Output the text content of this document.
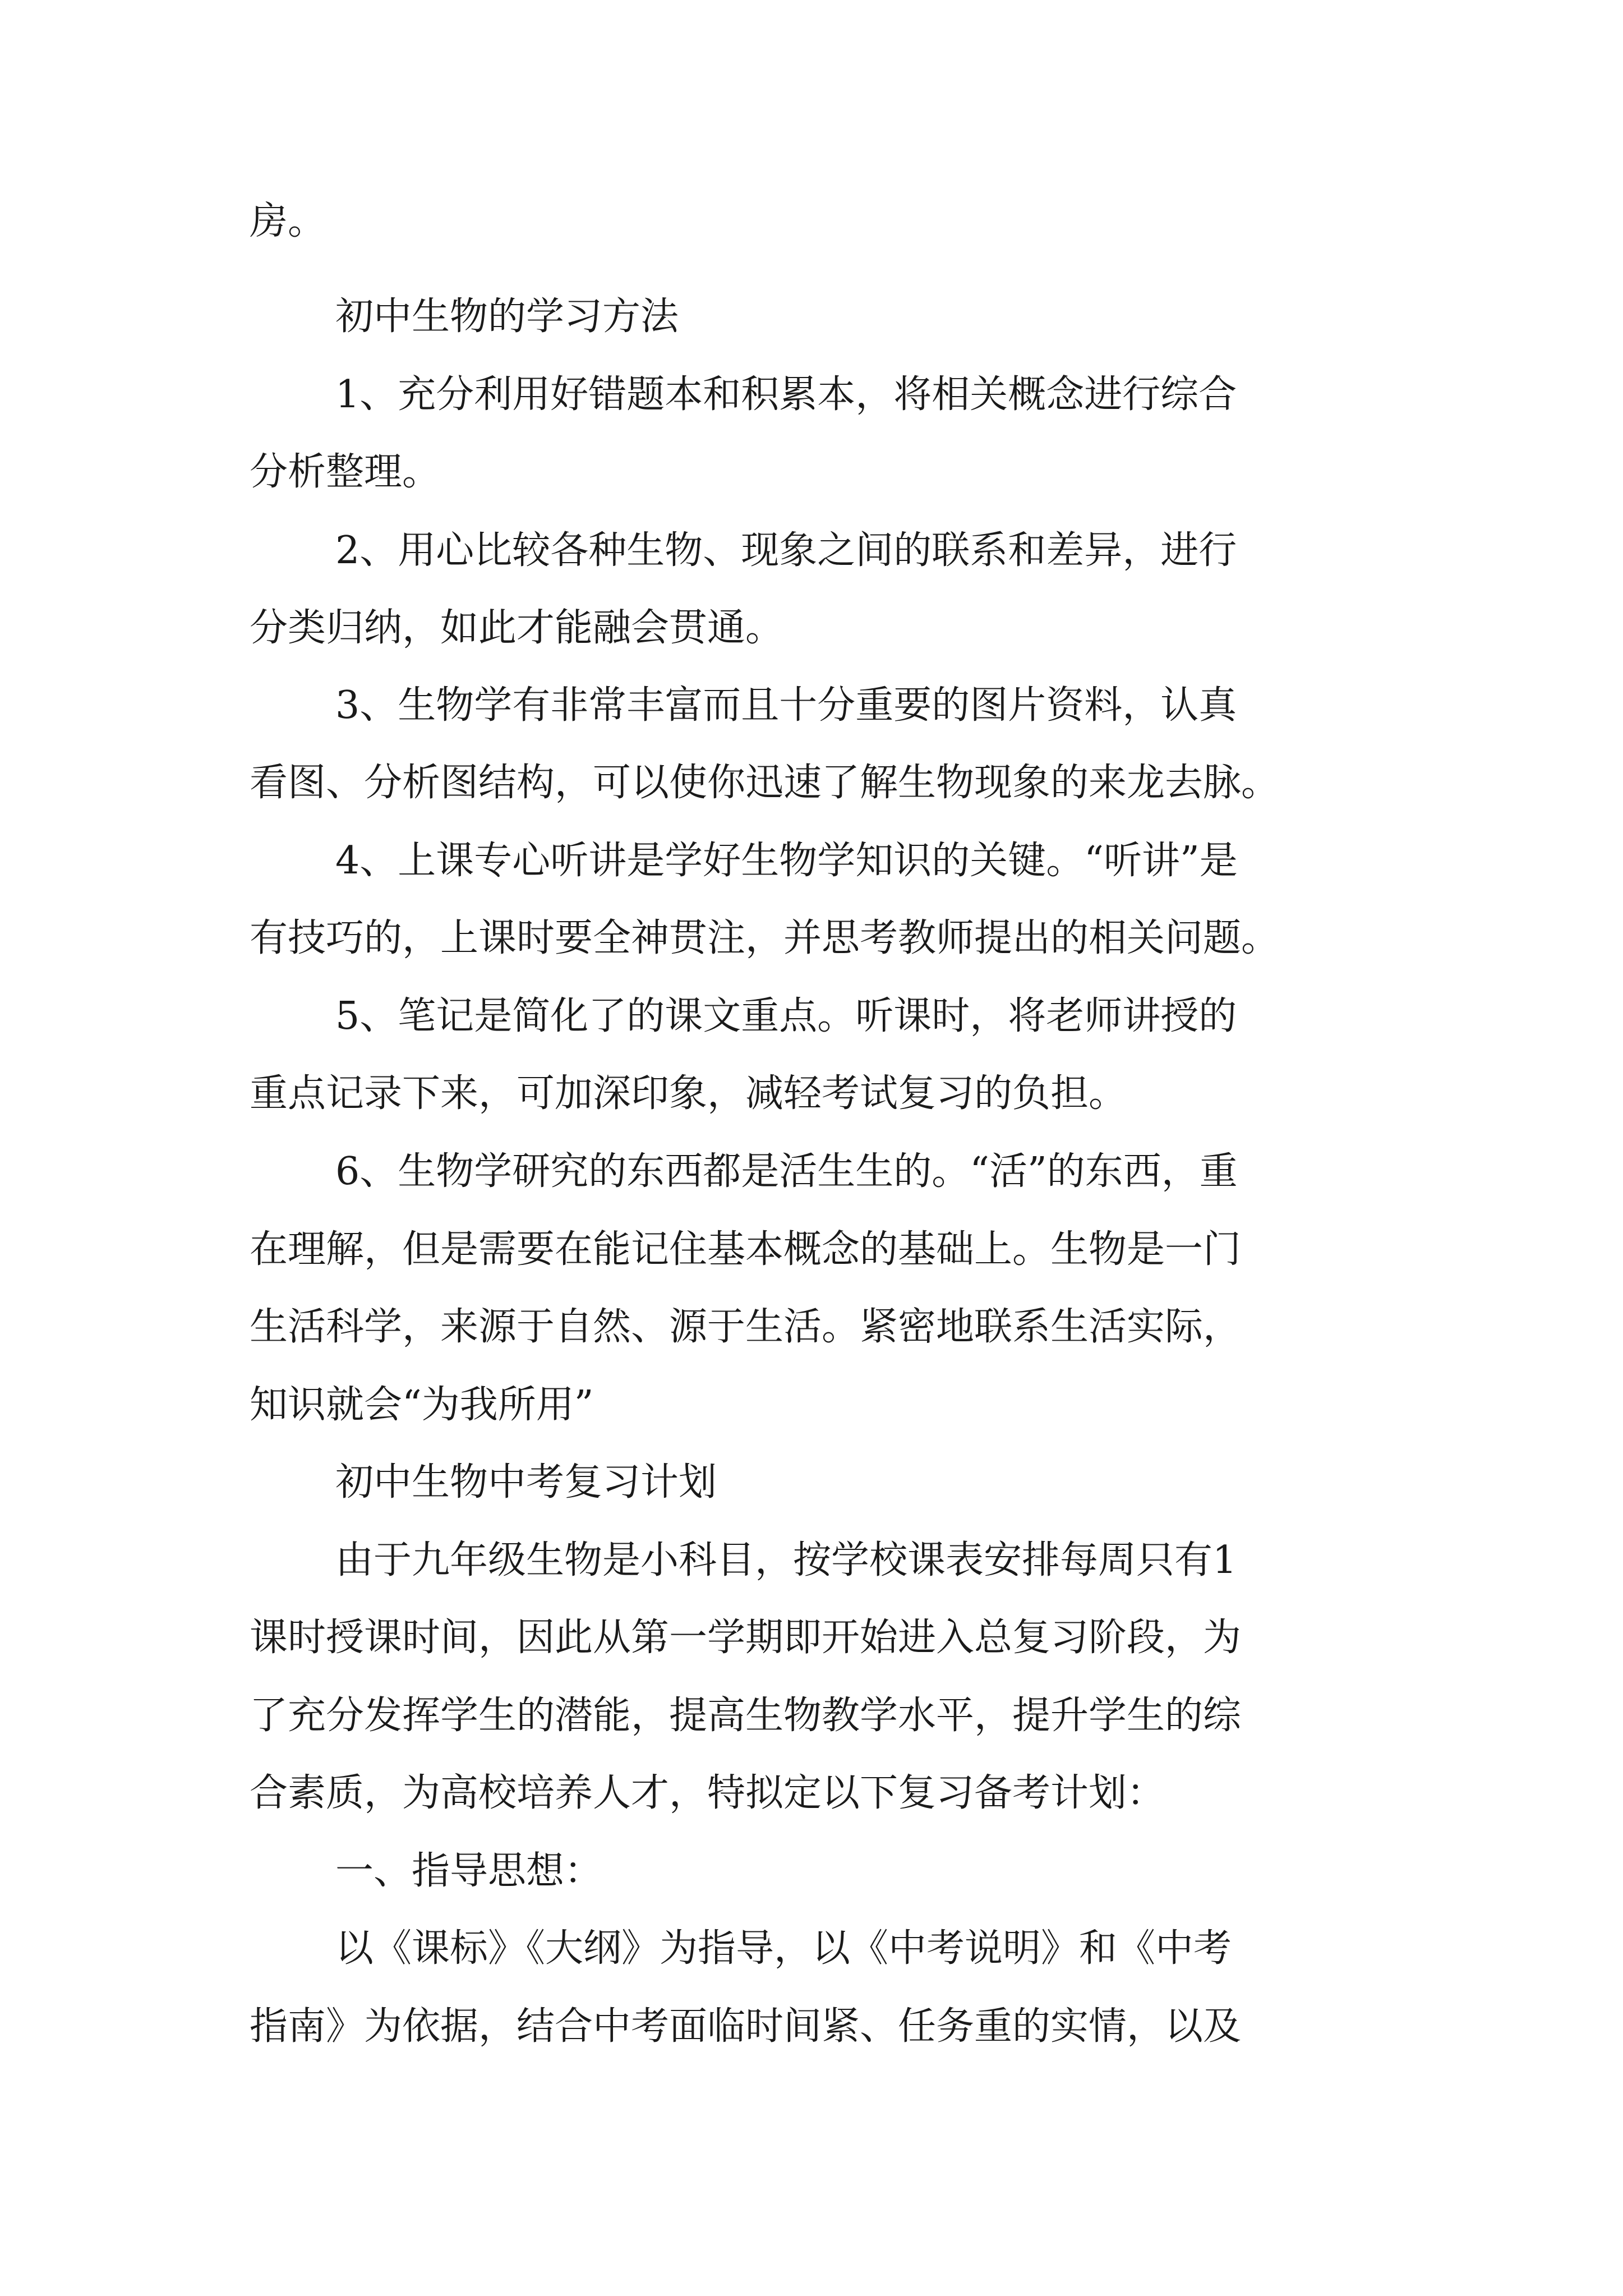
房。
初中生物的学习方法
1、充分利用好错题本和积累本，将相关概念进行综合
分析整理。
2、用心比较各种生物、现象之间的联系和差异，进行
分类归纳，如此才能融会贯通。
3、生物学有非常丰富而且十分重要的图片资料，认真
看图、分析图结构，可以使你迅速了解生物现象的来龙去脉。
4、上课专心听讲是学好生物学知识的关键。“听讲”是
有技巧的，上课时要全神贯注，并思考教师提出的相关问题。
5、笔记是简化了的课文重点。听课时，将老师讲授的
重点记录下来，可加深印象，减轻考试复习的负担。
6、生物学研究的东西都是活生生的。“活”的东西，重
在理解，但是需要在能记住基本概念的基础上。生物是一门
生活科学，来源于自然、源于生活。紧密地联系生活实际，
知识就会“为我所用”
初中生物中考复习计划
由于九年级生物是小科目，按学校课表安排每周只有1
课时授课时间，因此从第一学期即开始进入总复习阶段，为
了充分发挥学生的潜能，提高生物教学水平，提升学生的综
合素质，为高校培养人才，特拟定以下复习备考计划：
一、指导思想：
以《课标》《大纲》为指导，以《中考说明》和《中考
指南》为依据，结合中考面临时间紧、任务重的实情，以及
